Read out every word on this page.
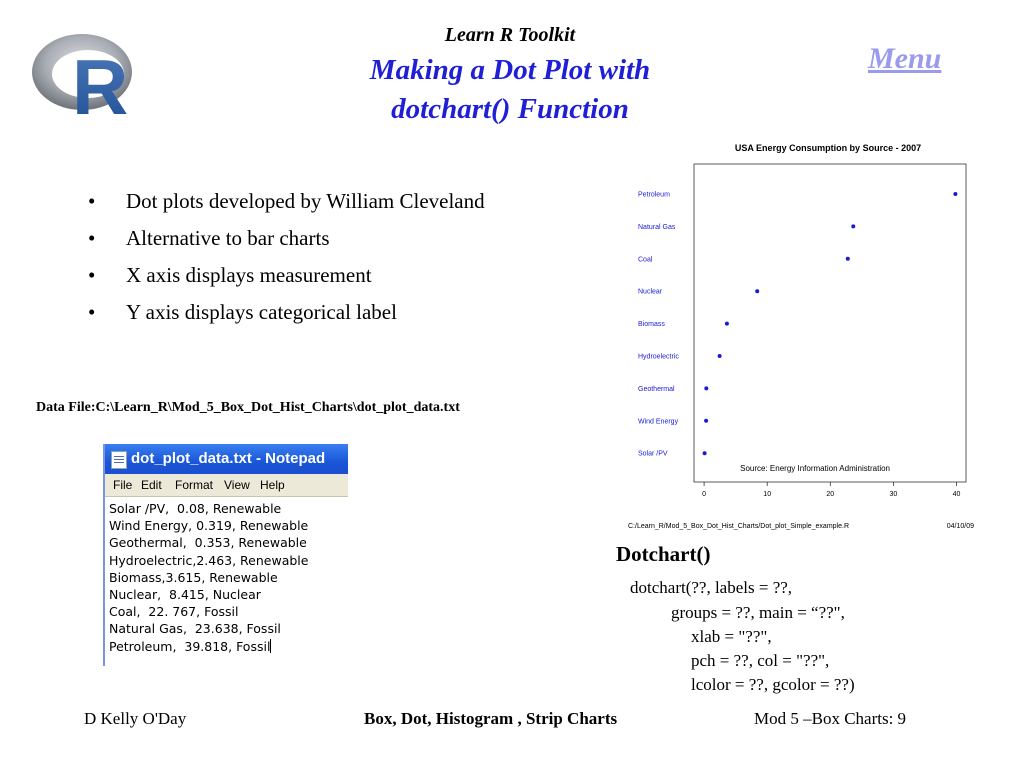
R
Learn R Toolkit
Making a Dot Plot with
dotchart() Function
Menu
• Dot plots developed by William Cleveland
• Alternative to bar charts
• X axis displays measurement
• Y axis displays categorical label
Data File:C:\Learn_R\Mod_5_Box_Dot_Hist_Charts\dot_plot_data.txt
dot_plot_data.txt - Notepad
File Edit Format View Help
Solar /PV,  0.08, Renewable
Wind Energy, 0.319, Renewable
Geothermal,  0.353, Renewable
Hydroelectric,2.463, Renewable
Biomass,3.615, Renewable
Nuclear,  8.415, Nuclear
Coal,  22. 767, Fossil
Natural Gas,  23.638, Fossil
Petroleum,  39.818, Fossil
USA Energy Consumption by Source - 2007
Petroleum
Natural Gas
Coal
Nuclear
Biomass
Hydroelectric
Geothermal
Wind Energy
Solar /PV
0	10	20	30	40
Source: Energy Information Administration
C:/Learn_R/Mod_5_Box_Dot_Hist_Charts/Dot_plot_Simple_example.R	04/10/09
Dotchart()
dotchart(??, labels = ??,
groups = ??, main = “??",
xlab = "??",
pch = ??, col = "??",
lcolor = ??, gcolor = ??)
D Kelly O'Day	Box, Dot, Histogram , Strip Charts	Mod 5 –Box Charts: 9
